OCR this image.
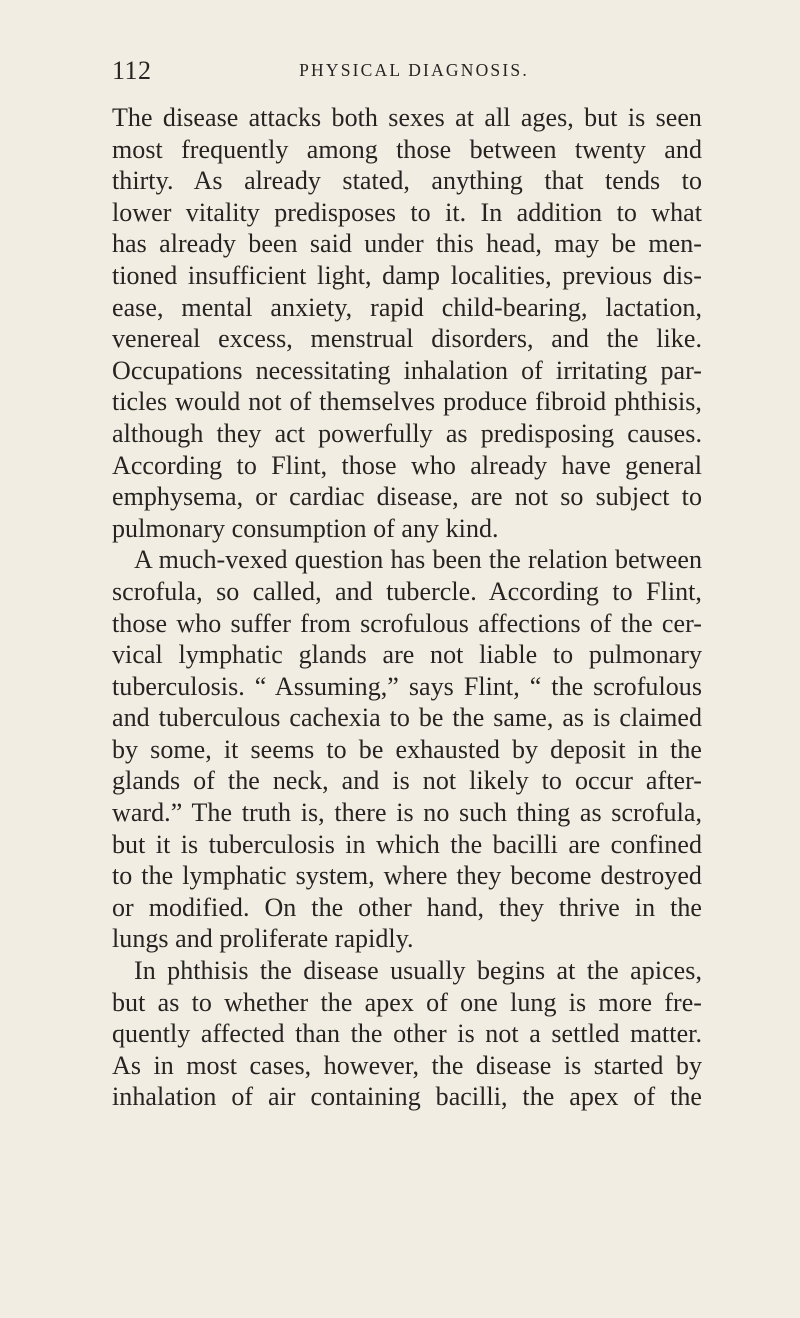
112	PHYSICAL DIAGNOSIS.
The disease attacks both sexes at all ages, but is seen
most frequently among those between twenty and
thirty. As already stated, anything that tends to
lower vitality predisposes to it. In addition to what
has already been said under this head, may be men-
tioned insufficient light, damp localities, previous dis-
ease, mental anxiety, rapid child-bearing, lactation,
venereal excess, menstrual disorders, and the like.
Occupations necessitating inhalation of irritating par-
ticles would not of themselves produce fibroid phthisis,
although they act powerfully as predisposing causes.
According to Flint, those who already have general
emphysema, or cardiac disease, are not so subject to
pulmonary consumption of any kind.
A much-vexed question has been the relation between
scrofula, so called, and tubercle. According to Flint,
those who suffer from scrofulous affections of the cer-
vical lymphatic glands are not liable to pulmonary
tuberculosis. “ Assuming,” says Flint, “ the scrofulous
and tuberculous cachexia to be the same, as is claimed
by some, it seems to be exhausted by deposit in the
glands of the neck, and is not likely to occur after-
ward.” The truth is, there is no such thing as scrofula,
but it is tuberculosis in which the bacilli are confined
to the lymphatic system, where they become destroyed
or modified. On the other hand, they thrive in the
lungs and proliferate rapidly.
In phthisis the disease usually begins at the apices,
but as to whether the apex of one lung is more fre-
quently affected than the other is not a settled matter.
As in most cases, however, the disease is started by
inhalation of air containing bacilli, the apex of the
